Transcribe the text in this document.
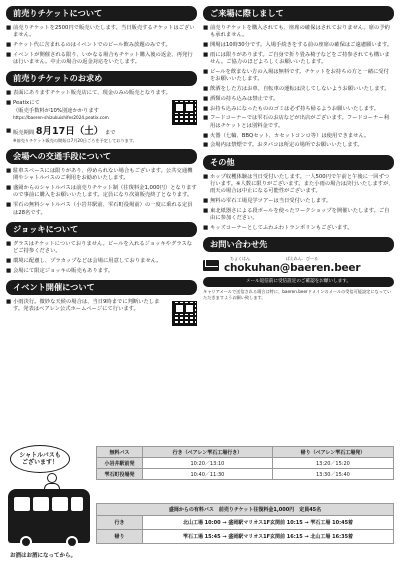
前売りチケットについて
■ 前売りチケットを2500円で販売いたします。当日販売するチケットはございません。
■ チケット代に含まれるのはイベントでのビール飲み放題のみです。
■ イベントが開催される限り、いかなる場合もチケット購入後の返金、再発行は行いません。中止の場合の返金対応をいたします。
前売りチケットのお求め
■ 表面にありますチケット販売店にて、現金のみの販売となります。
■ Peatixにて
（販売手数料が10%別途かかります
https://baeren-shizukuishifes2024.peatix.com
■ 販売期間 8月17日（土） まで
※前売りチケット販売の開始は7月20日ごろを予定しております。
会場への交通手段について
■ 駐車スペースには限りがあり、停められない場合もございます。公共交通機関やシャトルバスのご利用をお勧めいたします。
■ 盛岡からのシャトルバスは前売りチケット制（往復料金1,000円）となりますので事前に購入をお願いいたします。定員になり次第販売終了となります。
■ 雫石の無料シャトルバス（小岩井駅前、雫石町役場前）の一度に乗れる定員は28名です。
ジョッキについて
■ グラスはチケットについておりません。ビールを入れるジョッキやグラスなどご持参ください。
■ 環境に配慮し、プラカップなどは会場に用意しておりません。
■ 会場にて限定ジョッキの販売もあります。
イベント開催について
■ 小雨決行。微妙な天候の場合は、当日9時までに判断いたします。発表はベアレン公式ホームページにて行います。
ご来場に際しまして
■ 前売りチケットを購入されても、座席の確保はされておりません。席の予約も承れません。
■ 開場は10時30分です。入場手続きをする前の座席の確保はご遠慮願います。
■ 雨には限りがあります。ご自身で折り畳み椅子などをご持参されても構いません。ご協力のほどよろしくお願いいたします。
■ ビールを飲まない方の入場は無料です。チケットをお持ちの方と一緒に受付をお願いいたします。
■ 飲酒をした方はお車、自転車の運転は決してしないようお願いいたします。
■ 酒類の持ち込みは禁止です。
■ お持ち込みになったもののゴミは必ず持ち帰るようお願いいたします。
■ フードコーナーでは雫石のお店などが出店がございます。フードコーナー利用はチケットとは別料金です。
■ 火器（七輪、BBQセット、カセットコンロ等）は使用できません。
■ 会場内は禁煙です。おタバコは所定の場所でお願いいたします。
その他
■ ホップ収穫体験は当日受付いたします。一人500円で午前と午後に一回ずつ行います。※人数に限りがございます。また小雨の場合は決行いたしますが、雨天の場合は中止になる可能性がございます。
■ 無料の雫石工場見学ツアーは当日受付いたします。
■ 東北紙器さによる段ボールを使ったワークショップを開催いたします。ご自由に参加ください。
■ キッズコーナーとしてふわふわトランポリンもございます。
お問い合わせ先
ちょくはん	ばえれん．びーる
chokuhan@baeren.beer
メール返信前に受信設定のご確認をお願いします。
キャリアメールで送信される場合は特に、baeren.beerドメインのメールの受信可能設定になっていただきますようお願い致します。
シャトルバスも
ございます！
お酒はお酒になってから。
無料バス	行き（ベアレン雫石工場行き）	帰り（ベアレン雫石工場発）
小岩井駅前発	10:20／13:10	13:20／15:20
雫石町役場発	10:40／11:30	13:30／15:40
盛岡からの有料バス　前売りチケット往復料金1,000円　定員45名	
行き	北山工場 10:00 → 盛岡駅マリオス1F玄関前 10:15 → 雫石工場 10:45着
帰り	雫石工場 15:45 → 盛岡駅マリオス1F玄関前 16:15 → 北山工場 16:35着
